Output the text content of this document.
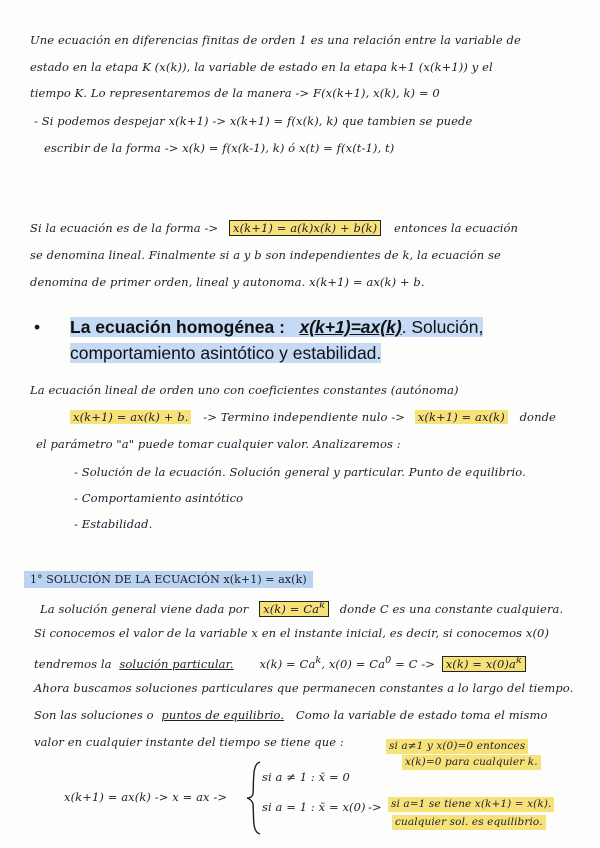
Une ecuación en diferencias finitas de orden 1 es una relación entre la variable de
estado en la etapa K (x(k)), la variable de estado en la etapa k+1 (x(k+1)) y el
tiempo K. Lo representaremos de la manera -> F(x(k+1), x(k), k) = 0
- Si podemos despejar x(k+1) -> x(k+1) = f(x(k), k) que tambien se puede
escribir de la forma -> x(k) = f(x(k-1), k) ó x(t) = f(x(t-1), t)
Si la ecuación es de la forma -> x(k+1) = a(k)x(k) + b(k) entonces la ecuación
se denomina lineal. Finalmente si a y b son independientes de k, la ecuación se
denomina de primer orden, lineal y autonoma. x(k+1) = ax(k) + b.
• La ecuación homogénea : x(k+1)=ax(k). Solución, comportamiento asintótico y estabilidad.
La ecuación lineal de orden uno con coeficientes constantes (autónoma)
x(k+1) = ax(k) + b. -> Termino independiente nulo -> x(k+1) = ax(k) donde
el parámetro "a" puede tomar cualquier valor. Analizaremos :
- Solución de la ecuación. Solución general y particular. Punto de equilibrio.
- Comportamiento asintótico
- Estabilidad.
1° SOLUCIÓN DE LA ECUACIÓN x(k+1) = ax(k)
La solución general viene dada por $x(k) = Ca^k$ donde C es una constante cualquiera.
Si conocemos el valor de la variable x en el instante inicial, es decir, si conocemos x(0)
tendremos la solución particular. $x(k) = Ca^k$, $x(0) = Ca^0 = C -> x(k) = x(0)a^k$
Ahora buscamos soluciones particulares que permanecen constantes a lo largo del tiempo.
Son las soluciones o puntos de equilibrio. Como la variable de estado toma el mismo
valor en cualquier instante del tiempo se tiene que :	si a≠1 y x(0)=0 entonces
x(k)=0 para cualquier k.
x(k+1) = ax(k) -> x = ax ->
si a ≠ 1 : x̄ = 0
si a = 1 : x̄ = x(0) -> si a=1 se tiene x(k+1) = x(k).
cualquier sol. es equilibrio.
